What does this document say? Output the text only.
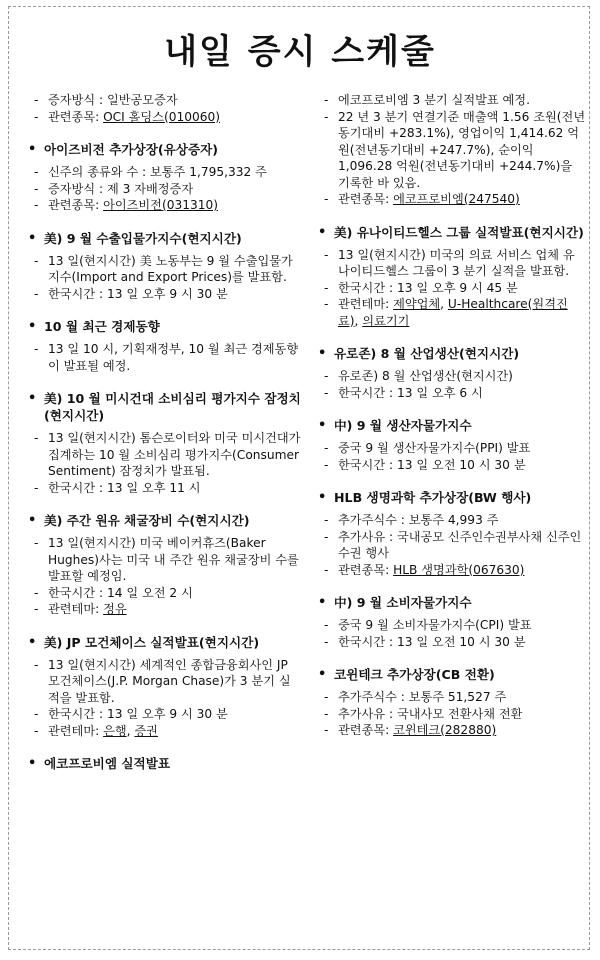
내일 증시 스케줄
- 증자방식 : 일반공모증자
- 관련종목: OCI 홀딩스(010060)
• 아이즈비전 추가상장(유상증자)
- 신주의 종류와 수 : 보통주 1,795,332 주
- 증자방식 : 제 3 자배정증자
- 관련종목: 아이즈비전(031310)
• 美) 9 월 수출입물가지수(현지시간)
- 13 일(현지시간) 美 노동부는 9 월 수출입물가지수(Import and Export Prices)를 발표함.
- 한국시간 : 13 일 오후 9 시 30 분
• 10 월 최근 경제동향
- 13 일 10 시, 기획재정부, 10 월 최근 경제동향이 발표될 예정.
• 美) 10 월 미시건대 소비심리 평가지수 잠정치(현지시간)
- 13 일(현지시간) 톰슨로이터와 미국 미시건대가 집계하는 10 월 소비심리 평가지수(Consumer Sentiment) 잠정치가 발표됨.
- 한국시간 : 13 일 오후 11 시
• 美) 주간 원유 채굴장비 수(현지시간)
- 13 일(현지시간) 미국 베이커휴즈(Baker Hughes)사는 미국 내 주간 원유 채굴장비 수를 발표할 예정임.
- 한국시간 : 14 일 오전 2 시
- 관련테마: 정유
• 美) JP 모건체이스 실적발표(현지시간)
- 13 일(현지시간) 세계적인 종합금융회사인 JP 모건체이스(J.P. Morgan Chase)가 3 분기 실적을 발표함.
- 한국시간 : 13 일 오후 9 시 30 분
- 관련테마: 은행, 증권
• 에코프로비엠 실적발표
- 에코프로비엠 3 분기 실적발표 예정.
- 22 년 3 분기 연결기준 매출액 1.56 조원(전년동기대비 +283.1%), 영업이익 1,414.62 억원(전년동기대비 +247.7%), 순이익 1,096.28 억원(전년동기대비 +244.7%)을 기록한 바 있음.
- 관련종목: 에코프로비엠(247540)
• 美) 유나이티드헬스 그룹 실적발표(현지시간)
- 13 일(현지시간) 미국의 의료 서비스 업체 유나이티드헬스 그룹이 3 분기 실적을 발표함.
- 한국시간 : 13 일 오후 9 시 45 분
- 관련테마: 제약업체, U-Healthcare(원격진료), 의료기기
• 유로존) 8 월 산업생산(현지시간)
- 유로존) 8 월 산업생산(현지시간)
- 한국시간 : 13 일 오후 6 시
• 中) 9 월 생산자물가지수
- 중국 9 월 생산자물가지수(PPI) 발표
- 한국시간 : 13 일 오전 10 시 30 분
• HLB 생명과학 추가상장(BW 행사)
- 추가주식수 : 보통주 4,993 주
- 추가사유 : 국내공모 신주인수권부사채 신주인수권 행사
- 관련종목: HLB 생명과학(067630)
• 中) 9 월 소비자물가지수
- 중국 9 월 소비자물가지수(CPI) 발표
- 한국시간 : 13 일 오전 10 시 30 분
• 코윈테크 추가상장(CB 전환)
- 추가주식수 : 보통주 51,527 주
- 추가사유 : 국내사모 전환사채 전환
- 관련종목: 코윈테크(282880)
